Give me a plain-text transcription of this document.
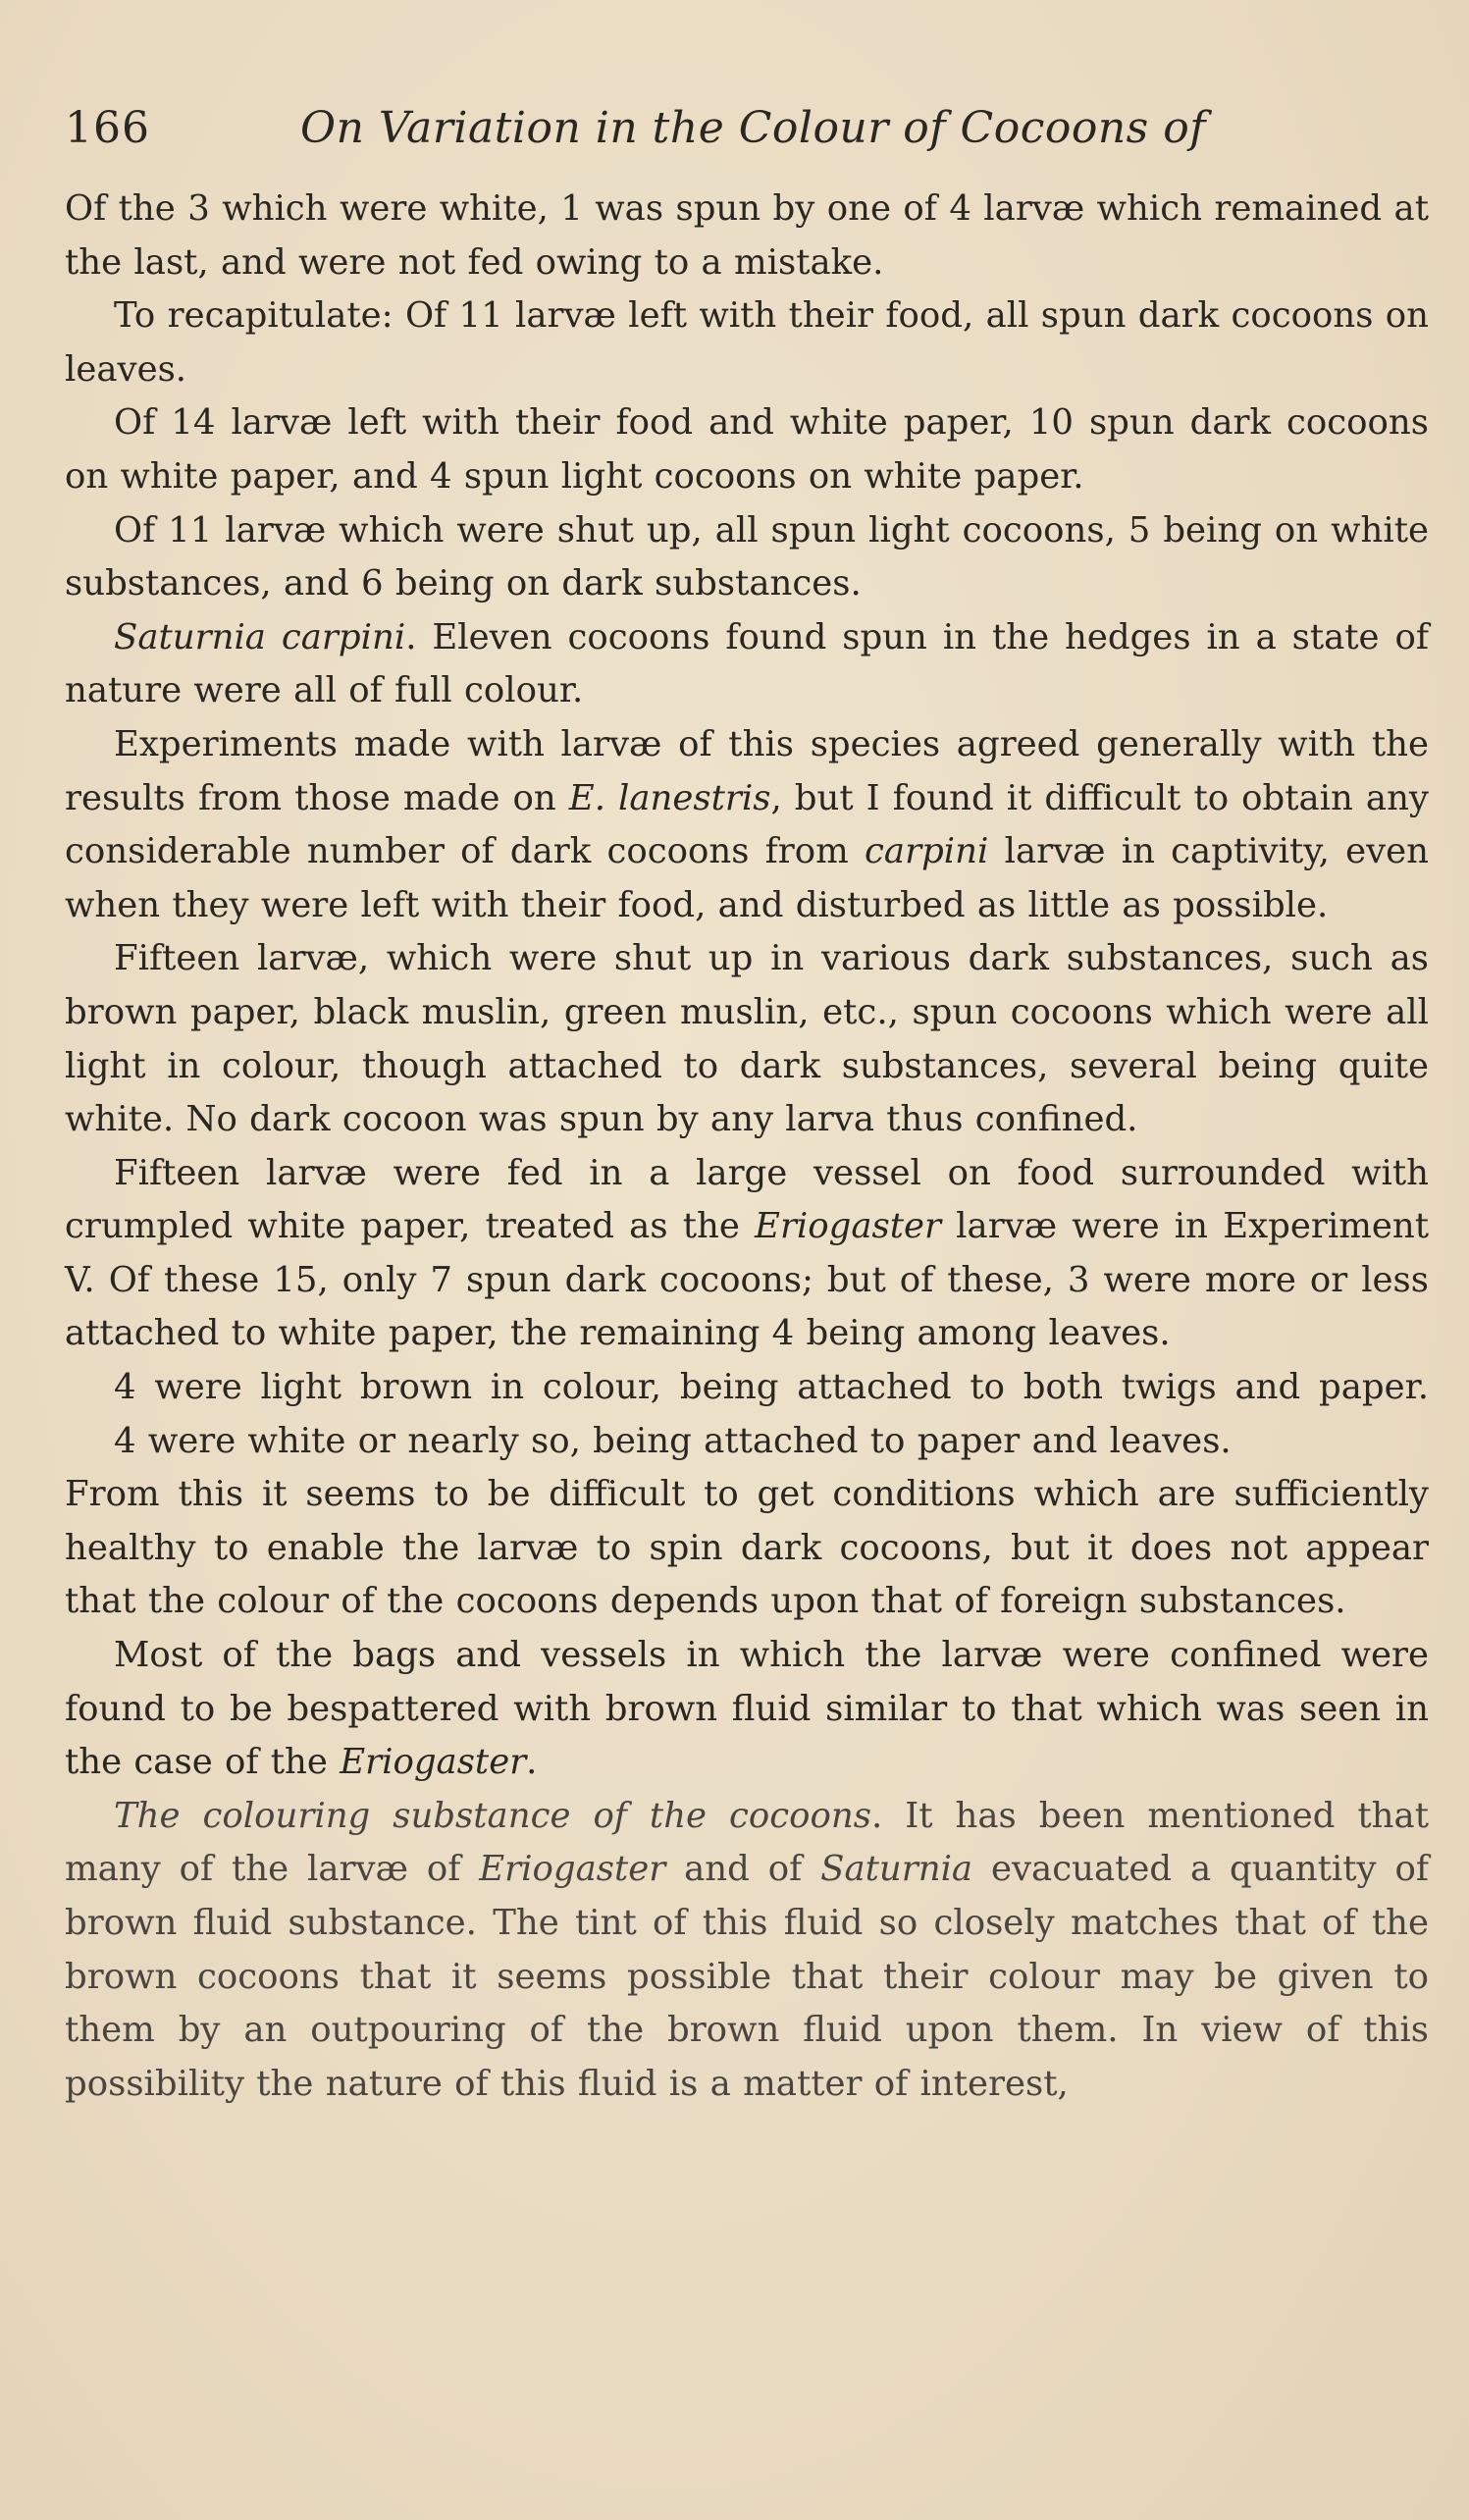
166	On Variation in the Colour of Cocoons of

Of the 3 which were white, 1 was spun by one of 4 larvæ which remained at the last, and were not fed owing to a mistake.

To recapitulate: Of 11 larvæ left with their food, all spun dark cocoons on leaves.

Of 14 larvæ left with their food and white paper, 10 spun dark cocoons on white paper, and 4 spun light cocoons on white paper.

Of 11 larvæ which were shut up, all spun light cocoons, 5 being on white substances, and 6 being on dark substances.

Saturnia carpini. Eleven cocoons found spun in the hedges in a state of nature were all of full colour.

Experiments made with larvæ of this species agreed generally with the results from those made on E. lanestris, but I found it difficult to obtain any considerable number of dark cocoons from carpini larvæ in captivity, even when they were left with their food, and disturbed as little as possible.

Fifteen larvæ, which were shut up in various dark substances, such as brown paper, black muslin, green muslin, etc., spun cocoons which were all light in colour, though attached to dark substances, several being quite white. No dark cocoon was spun by any larva thus confined.

Fifteen larvæ were fed in a large vessel on food surrounded with crumpled white paper, treated as the Eriogaster larvæ were in Experiment V. Of these 15, only 7 spun dark cocoons; but of these, 3 were more or less attached to white paper, the remaining 4 being among leaves.

4 were light brown in colour, being attached to both twigs and paper.

4 were white or nearly so, being attached to paper and leaves.

From this it seems to be difficult to get conditions which are sufficiently healthy to enable the larvæ to spin dark cocoons, but it does not appear that the colour of the cocoons depends upon that of foreign substances.

Most of the bags and vessels in which the larvæ were confined were found to be bespattered with brown fluid similar to that which was seen in the case of the Eriogaster.

The colouring substance of the cocoons. It has been mentioned that many of the larvæ of Eriogaster and of Saturnia evacuated a quantity of brown fluid substance. The tint of this fluid so closely matches that of the brown cocoons that it seems possible that their colour may be given to them by an outpouring of the brown fluid upon them. In view of this possibility the nature of this fluid is a matter of interest,
